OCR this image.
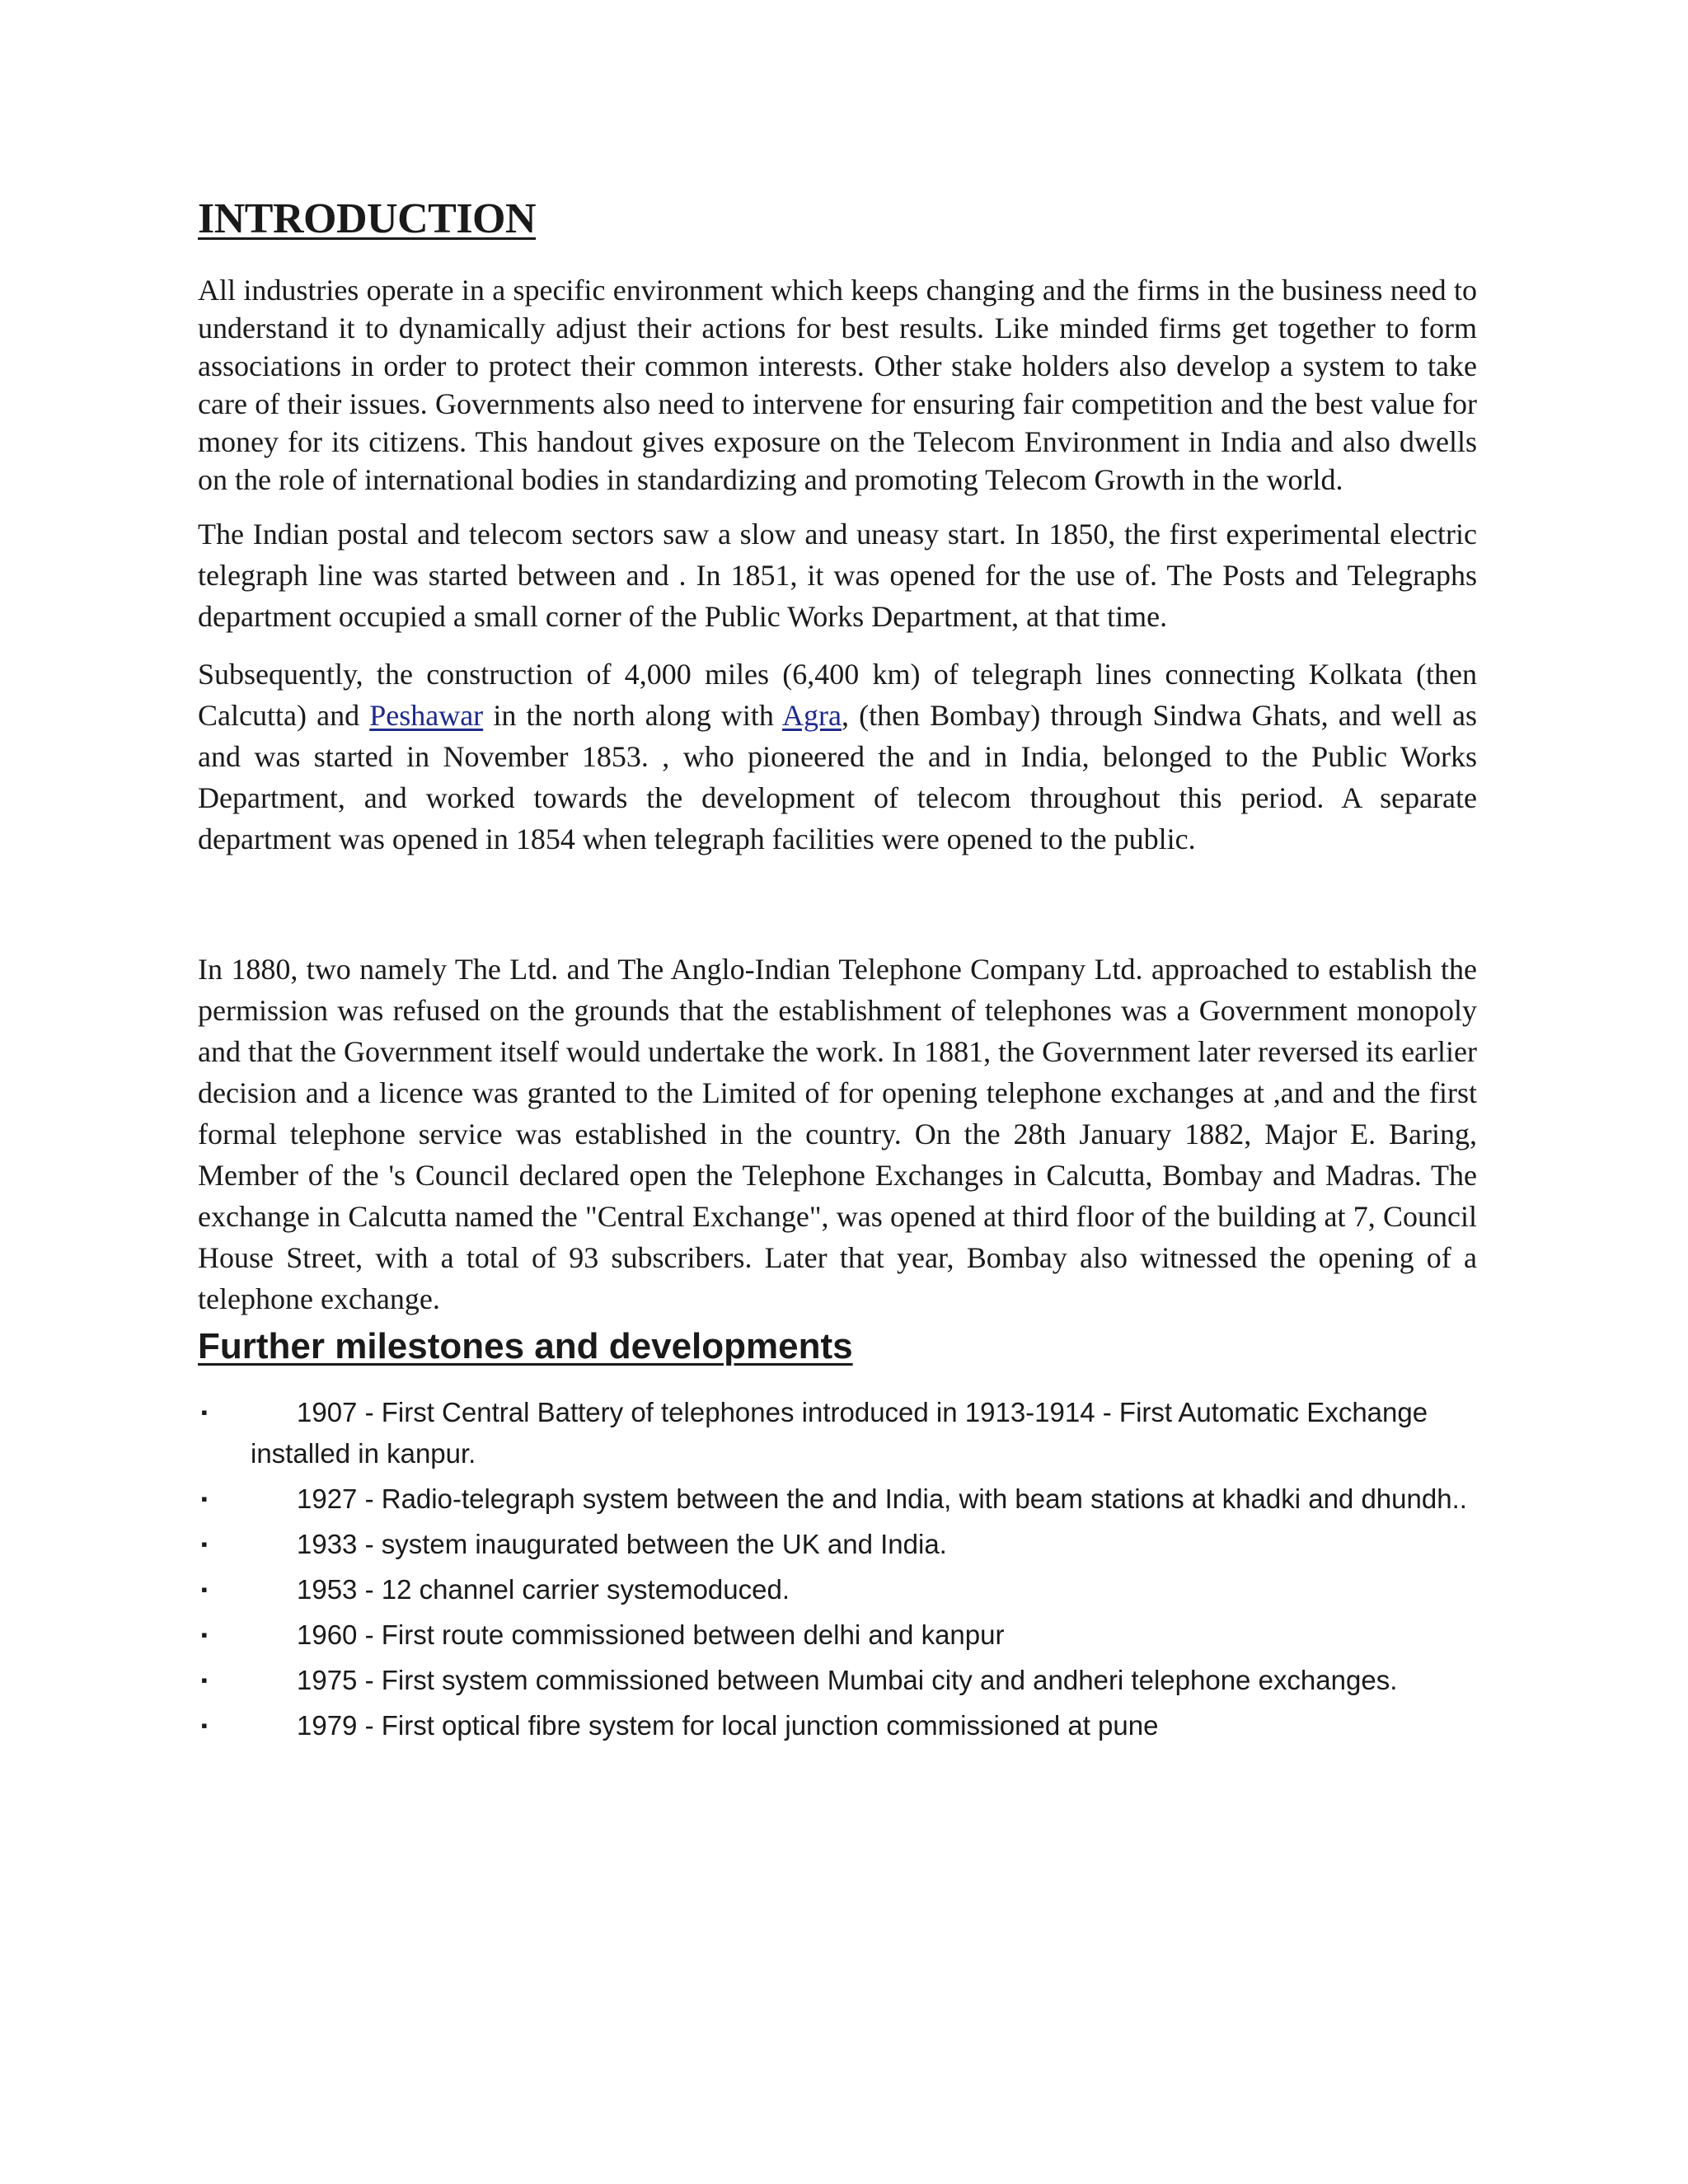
INTRODUCTION

All industries operate in a specific environment which keeps changing and the firms in the business need to understand it to dynamically adjust their actions for best results. Like minded firms get together to form associations in order to protect their common interests. Other stake holders also develop a system to take care of their issues. Governments also need to intervene for ensuring fair competition and the best value for money for its citizens. This handout gives exposure on the Telecom Environment in India and also dwells on the role of international bodies in standardizing and promoting Telecom Growth in the world.

The Indian postal and telecom sectors saw a slow and uneasy start. In 1850, the first experimental electric telegraph line was started between and . In 1851, it was opened for the use of. The Posts and Telegraphs department occupied a small corner of the Public Works Department, at that time.

Subsequently, the construction of 4,000 miles (6,400 km) of telegraph lines connecting Kolkata (then Calcutta) and Peshawar in the north along with Agra, (then Bombay) through Sindwa Ghats, and well as and was started in November 1853. , who pioneered the and in India, belonged to the Public Works Department, and worked towards the development of telecom throughout this period. A separate department was opened in 1854 when telegraph facilities were opened to the public.

In 1880, two namely The Ltd. and The Anglo-Indian Telephone Company Ltd. approached to establish the permission was refused on the grounds that the establishment of telephones was a Government monopoly and that the Government itself would undertake the work. In 1881, the Government later reversed its earlier decision and a licence was granted to the Limited of for opening telephone exchanges at ,and and the first formal telephone service was established in the country. On the 28th January 1882, Major E. Baring, Member of the 's Council declared open the Telephone Exchanges in Calcutta, Bombay and Madras. The exchange in Calcutta named the "Central Exchange", was opened at third floor of the building at 7, Council House Street, with a total of 93 subscribers. Later that year, Bombay also witnessed the opening of a telephone exchange.

Further milestones and developments
▪	1907 - First Central Battery of telephones introduced in 1913-1914 - First Automatic Exchange installed in kanpur.
▪	1927 - Radio-telegraph system between the and India, with beam stations at khadki and dhundh..
▪	1933 - system inaugurated between the UK and India.
▪	1953 - 12 channel carrier systemoduced.
▪	1960 - First route commissioned between delhi and kanpur
▪	1975 - First system commissioned between Mumbai city and andheri telephone exchanges.
▪	1979 - First optical fibre system for local junction commissioned at pune
